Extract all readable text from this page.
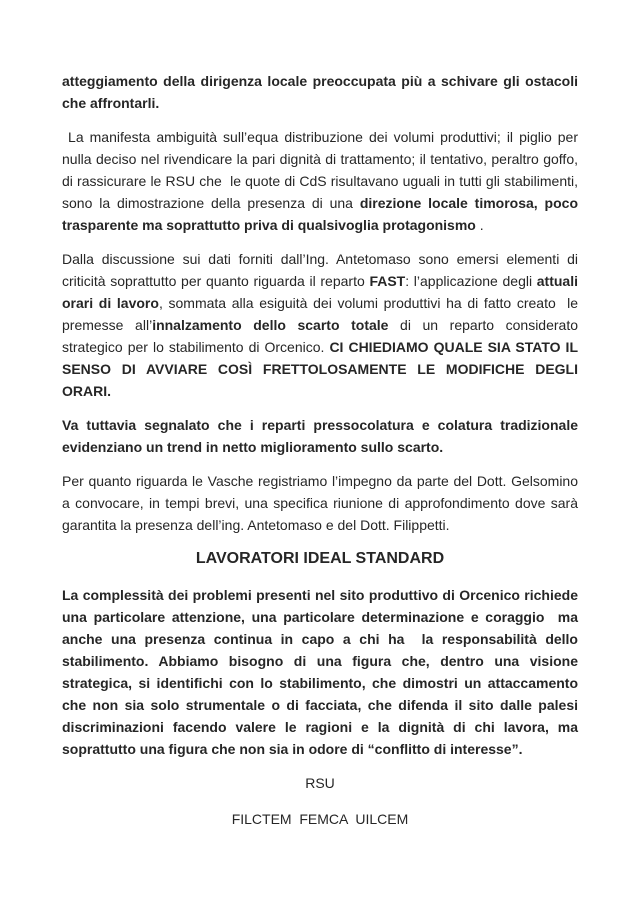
atteggiamento della dirigenza locale preoccupata più a schivare gli ostacoli che affrontarli.

La manifesta ambiguità sull’equa distribuzione dei volumi produttivi; il piglio per nulla deciso nel rivendicare la pari dignità di trattamento; il tentativo, peraltro goffo, di rassicurare le RSU che  le quote di CdS risultavano uguali in tutti gli stabilimenti,  sono la dimostrazione della presenza di una direzione locale timorosa, poco trasparente ma soprattutto priva di qualsivoglia protagonismo .

Dalla discussione sui dati forniti dall’Ing. Antetomaso sono emersi elementi di criticità soprattutto per quanto riguarda il reparto FAST: l’applicazione degli attuali orari di lavoro, sommata alla esiguità dei volumi produttivi ha di fatto creato  le premesse all’innalzamento dello scarto totale di un reparto considerato strategico per lo stabilimento di Orcenico. CI CHIEDIAMO QUALE SIA STATO IL SENSO DI AVVIARE COSÌ FRETTOLOSAMENTE LE MODIFICHE DEGLI ORARI.

Va tuttavia segnalato che i reparti pressocolatura e colatura tradizionale evidenziano un trend in netto miglioramento sullo scarto.

Per quanto riguarda le Vasche registriamo l’impegno da parte del Dott. Gelsomino a convocare, in tempi brevi, una specifica riunione di approfondimento dove sarà garantita la presenza dell’ing. Antetomaso e del Dott. Filippetti.

LAVORATORI IDEAL STANDARD

La complessità dei problemi presenti nel sito produttivo di Orcenico richiede una particolare attenzione, una particolare determinazione e coraggio  ma anche una presenza continua in capo a chi ha  la responsabilità dello stabilimento. Abbiamo bisogno di una figura che, dentro una visione strategica, si identifichi con lo stabilimento, che dimostri un attaccamento che non sia solo strumentale o di facciata, che difenda il sito dalle palesi discriminazioni facendo valere le ragioni e la dignità di chi lavora, ma soprattutto una figura che non sia in odore di “conflitto di interesse”.

RSU

FILCTEM  FEMCA  UILCEM
